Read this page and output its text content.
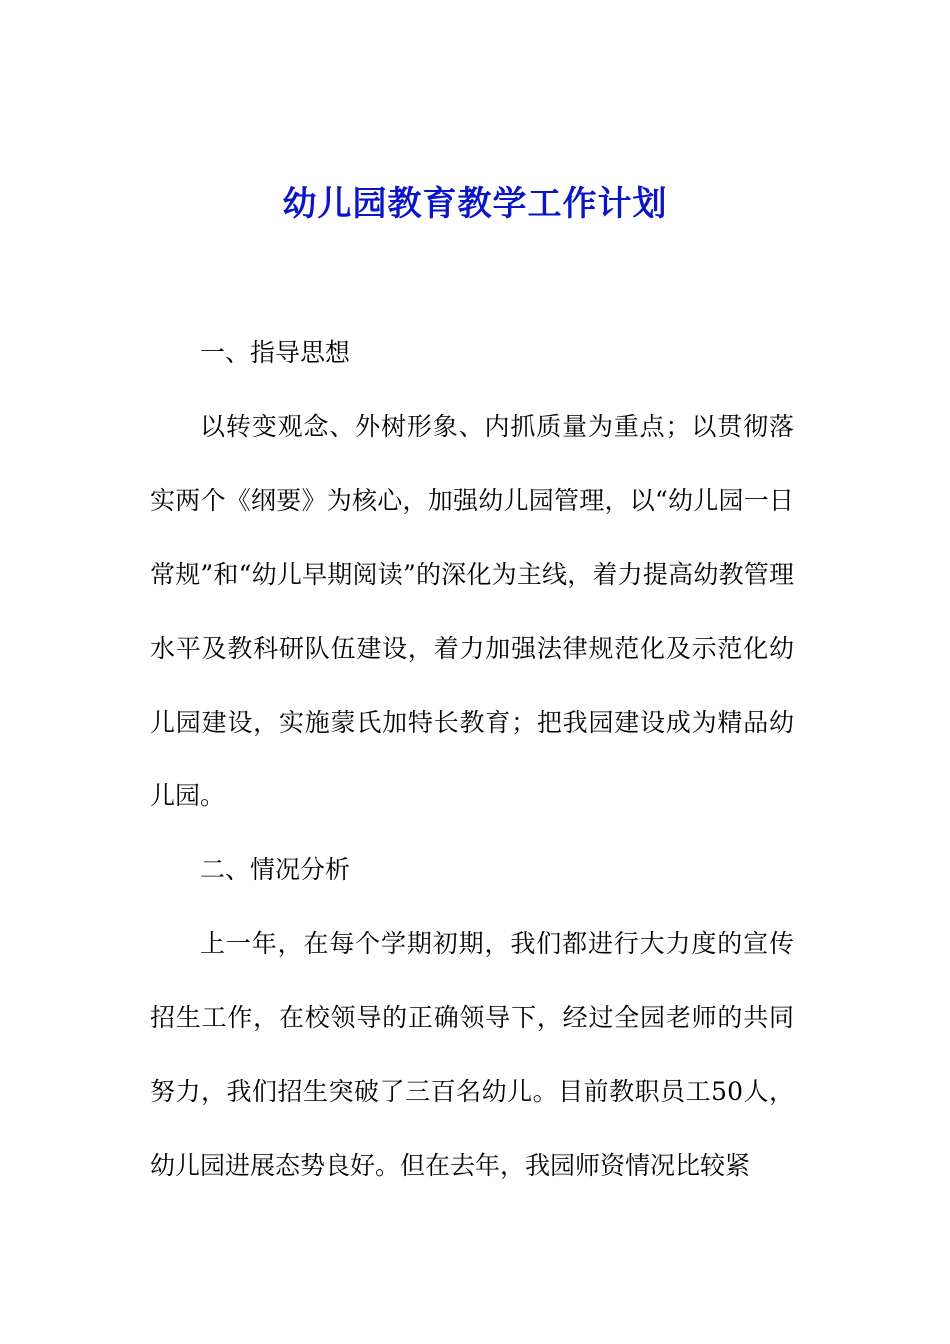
幼儿园教育教学工作计划

一、指导思想

以转变观念、外树形象、内抓质量为重点；以贯彻落实两个《纲要》为核心，加强幼儿园管理，以“幼儿园一日常规”和“幼儿早期阅读”的深化为主线，着力提高幼教管理水平及教科研队伍建设，着力加强法律规范化及示范化幼儿园建设，实施蒙氏加特长教育；把我园建设成为精品幼儿园。

二、情况分析

上一年，在每个学期初期，我们都进行大力度的宣传招生工作，在校领导的正确领导下，经过全园老师的共同努力，我们招生突破了三百名幼儿。目前教职员工50人，幼儿园进展态势良好。但在去年，我园师资情况比较紧
